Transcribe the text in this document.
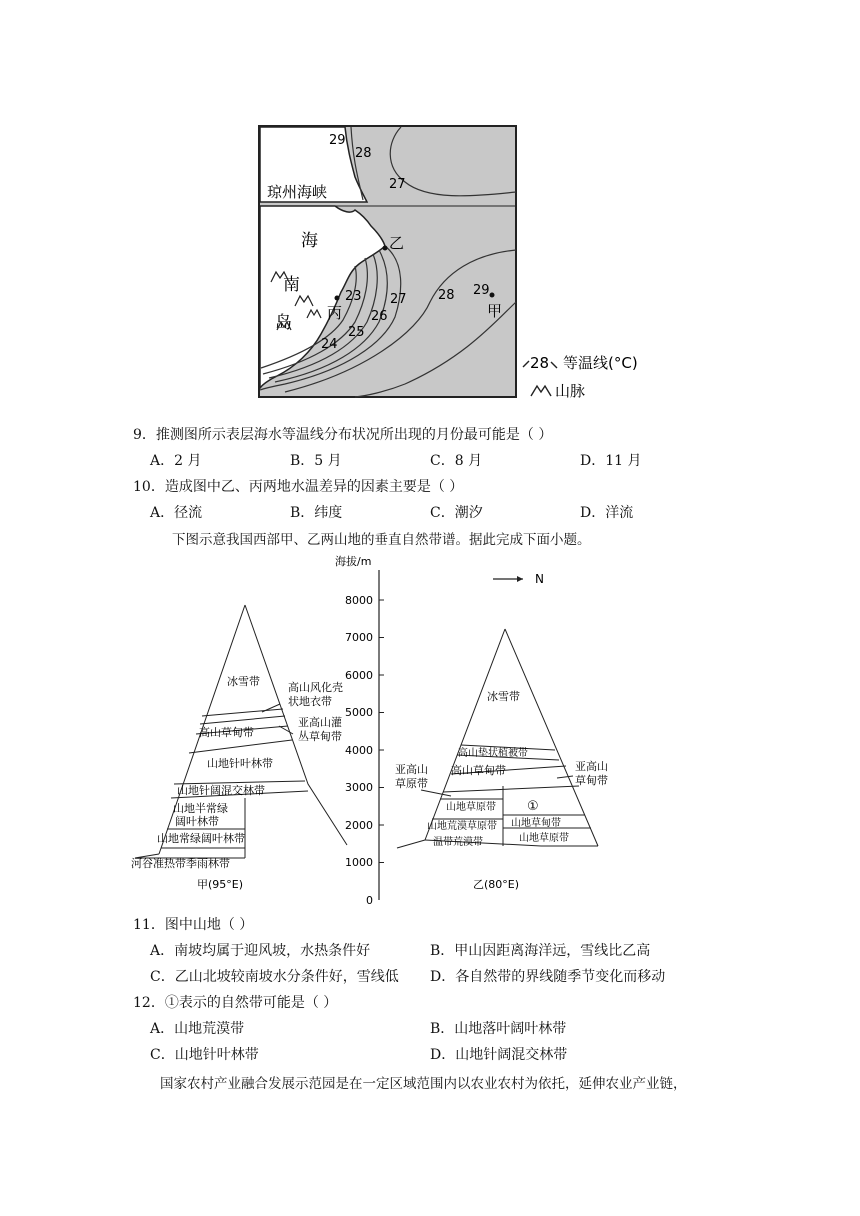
29
28
27
23 27
26
25
24
28 29
琼州海峡
海
南
岛
乙
丙	甲
28 等温线(°C)
山脉
9．推测图所示表层海水等温线分布状况所出现的月份最可能是（ ）
A．2 月	B．5 月	C．8 月	D．11 月
10．造成图中乙、丙两地水温差异的因素主要是（ ）
A．径流	B．纬度	C．潮汐	D．洋流
下图示意我国西部甲、乙两山地的垂直自然带谱。据此完成下面小题。
海拔/m
8000
7000
6000
5000
4000
3000
2000
1000
0
N
冰雪带	高山风化壳
状地衣带
亚高山灌
丛草甸带
高山草甸带
山地针叶林带
山地针阔混交林带
山地半常绿
阔叶林带
山地常绿阔叶林带
河谷准热带季雨林带
甲(95°E)
冰雪带
高山垫状植被带
高山草甸带
亚高山
草原带
亚高山
草甸带
山地草原带 ①
山地荒漠草原带
温带荒漠带
山地草甸带
山地草原带
乙(80°E)
11．图中山地（ ）
A．南坡均属于迎风坡，水热条件好	B．甲山因距离海洋远，雪线比乙高
C．乙山北坡较南坡水分条件好，雪线低 D．各自然带的界线随季节变化而移动
12．①表示的自然带可能是（ ）
A．山地荒漠带	B．山地落叶阔叶林带
C．山地针叶林带	D．山地针阔混交林带
国家农村产业融合发展示范园是在一定区域范围内以农业农村为依托，延伸农业产业链，
